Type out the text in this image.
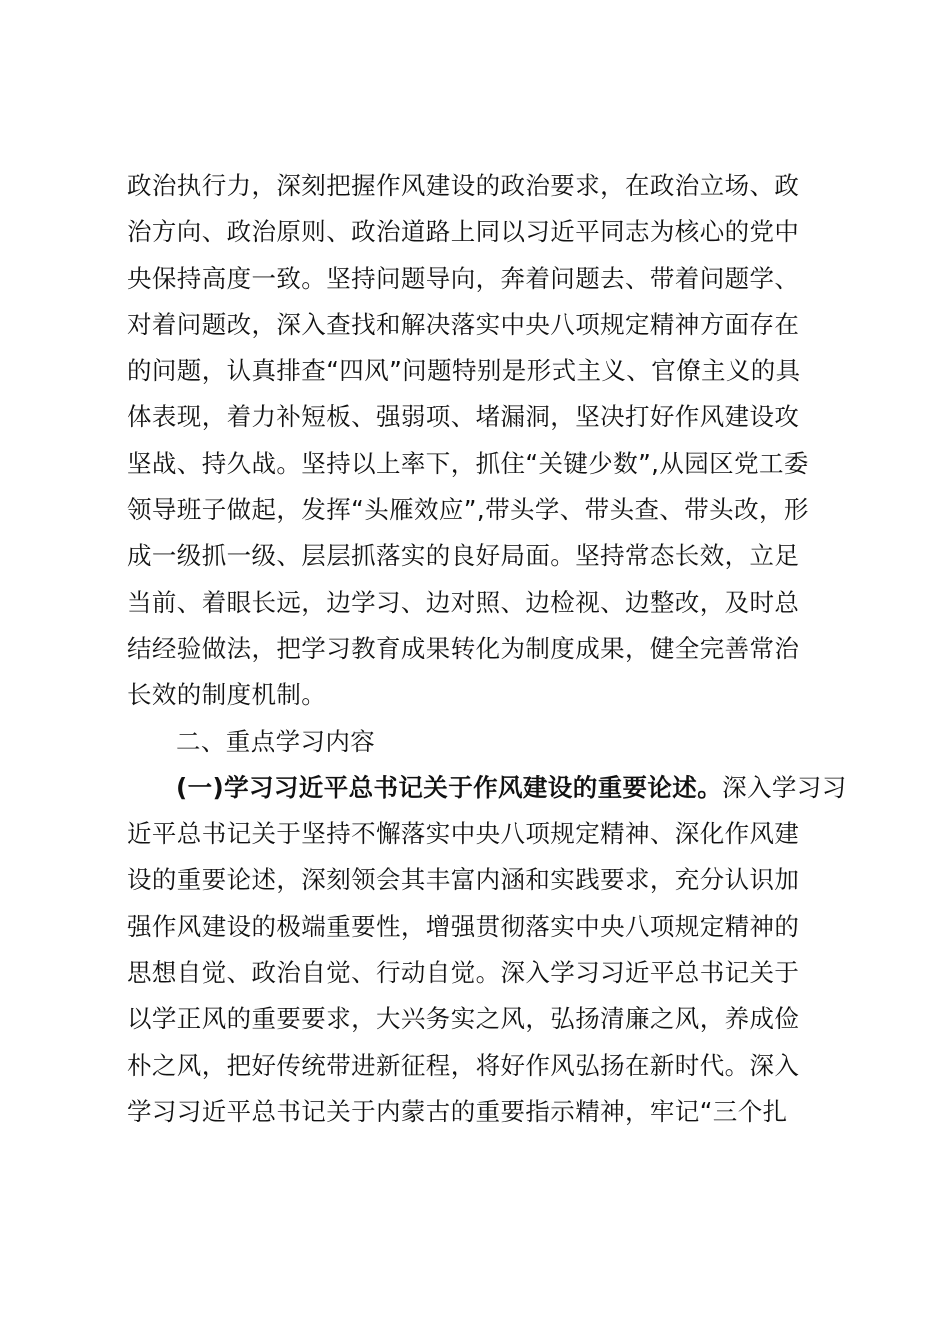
政治执行力，深刻把握作风建设的政治要求，在政治立场、政
治方向、政治原则、政治道路上同以习近平同志为核心的党中
央保持高度一致。坚持问题导向，奔着问题去、带着问题学、
对着问题改，深入查找和解决落实中央八项规定精神方面存在
的问题，认真排查“四风”问题特别是形式主义、官僚主义的具
体表现，着力补短板、强弱项、堵漏洞，坚决打好作风建设攻
坚战、持久战。坚持以上率下，抓住“关键少数”,从园区党工委
领导班子做起，发挥“头雁效应”,带头学、带头查、带头改，形
成一级抓一级、层层抓落实的良好局面。坚持常态长效，立足
当前、着眼长远，边学习、边对照、边检视、边整改，及时总
结经验做法，把学习教育成果转化为制度成果，健全完善常治
长效的制度机制。
二、重点学习内容
(一)学习习近平总书记关于作风建设的重要论述。深入学习习
近平总书记关于坚持不懈落实中央八项规定精神、深化作风建
设的重要论述，深刻领会其丰富内涵和实践要求，充分认识加
强作风建设的极端重要性，增强贯彻落实中央八项规定精神的
思想自觉、政治自觉、行动自觉。深入学习习近平总书记关于
以学正风的重要要求，大兴务实之风，弘扬清廉之风，养成俭
朴之风，把好传统带进新征程，将好作风弘扬在新时代。深入
学习习近平总书记关于内蒙古的重要指示精神，牢记“三个扎
